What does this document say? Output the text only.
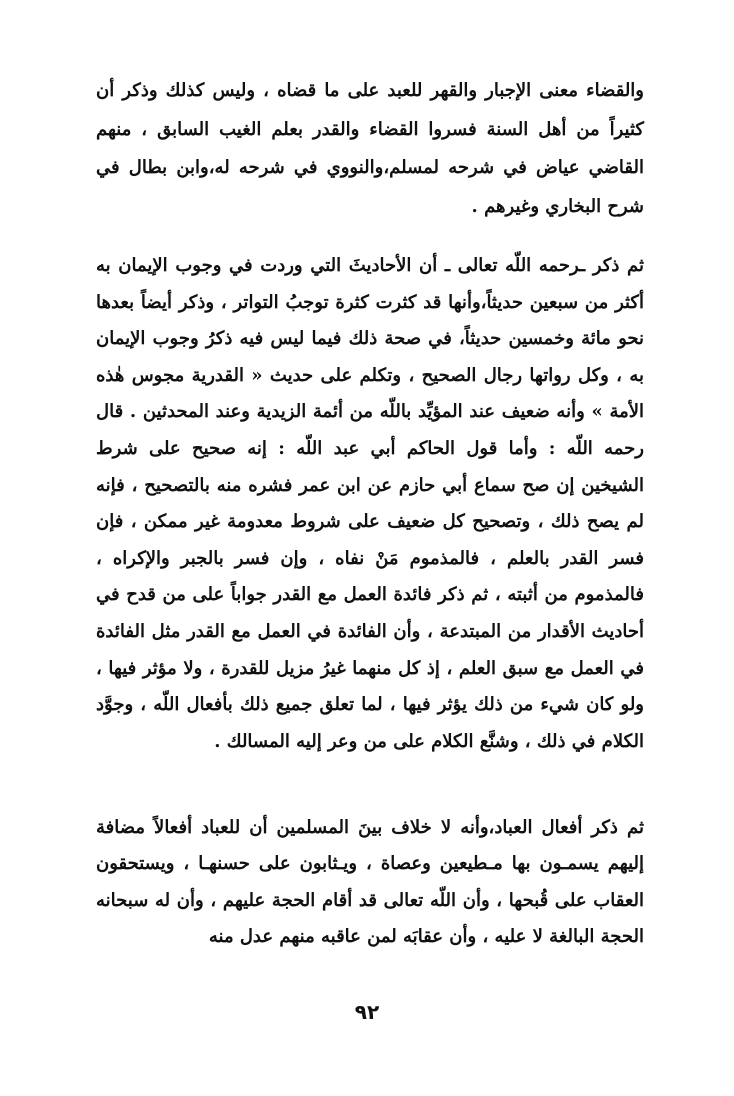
والقضاء معنى الإجبار والقهر للعبد على ما قضاه ، وليس كذلك وذكر أن كثيراً من أهل السنة فسروا القضاء والقدر بعلم الغيب السابق ، منهم القاضي عياض في شرحه لمسلم،والنووي في شرحه له،وابن بطال في شرح البخاري وغيرهم .

ثم ذكر ـرحمه اللّه تعالى ـ أن الأحاديثَ التي وردت في وجوب الإيمان به أكثر من سبعين حديثاً،وأنها قد كثرت كثرة توجبُ التواتر ، وذكر أيضاً بعدها نحو مائة وخمسين حديثاً، في صحة ذلك فيما ليس فيه ذكرُ وجوب الإيمان به ، وكل رواتها رجال الصحيح ، وتكلم على حديث « القدرية مجوس هٰذه الأمة » وأنه ضعيف عند المؤيِّد باللّه من أئمة الزيدية وعند المحدثين . قال رحمه اللّه : وأما قول الحاكم أبي عبد اللّه : إنه صحيح على شرط الشيخين إن صح سماع أبي حازم عن ابن عمر فشره منه بالتصحيح ، فإنه لم يصح ذلك ، وتصحيح كل ضعيف على شروط معدومة غير ممكن ، فإن فسر القدر بالعلم ، فالمذموم مَنْ نفاه ، وإن فسر بالجبر والإكراه ، فالمذموم من أثبته ، ثم ذكر فائدة العمل مع القدر جواباً على من قدح في أحاديث الأقدار من المبتدعة ، وأن الفائدة في العمل مع القدر مثل الفائدة في العمل مع سبق العلم ، إذ كل منهما غيرُ مزيل للقدرة ، ولا مؤثر فيها ، ولو كان شيء من ذلك يؤثر فيها ، لما تعلق جميع ذلك بأفعال اللّه ، وجوَّد الكلام في ذلك ، وشنَّع الكلام على من وعر إليه المسالك .

ثم ذكر أفعال العباد،وأنه لا خلاف بينَ المسلمين أن للعباد أفعالاً مضافة إليهم يسمـون بها مـطيعين وعصاة ، ويـثابون على حسنهـا ، ويستحقون العقاب على قُبحها ، وأن اللّه تعالى قد أقام الحجة عليهم ، وأن له سبحانه الحجة البالغة لا عليه ، وأن عقابَه لمن عاقبه منهم عدل منه

٩٢
